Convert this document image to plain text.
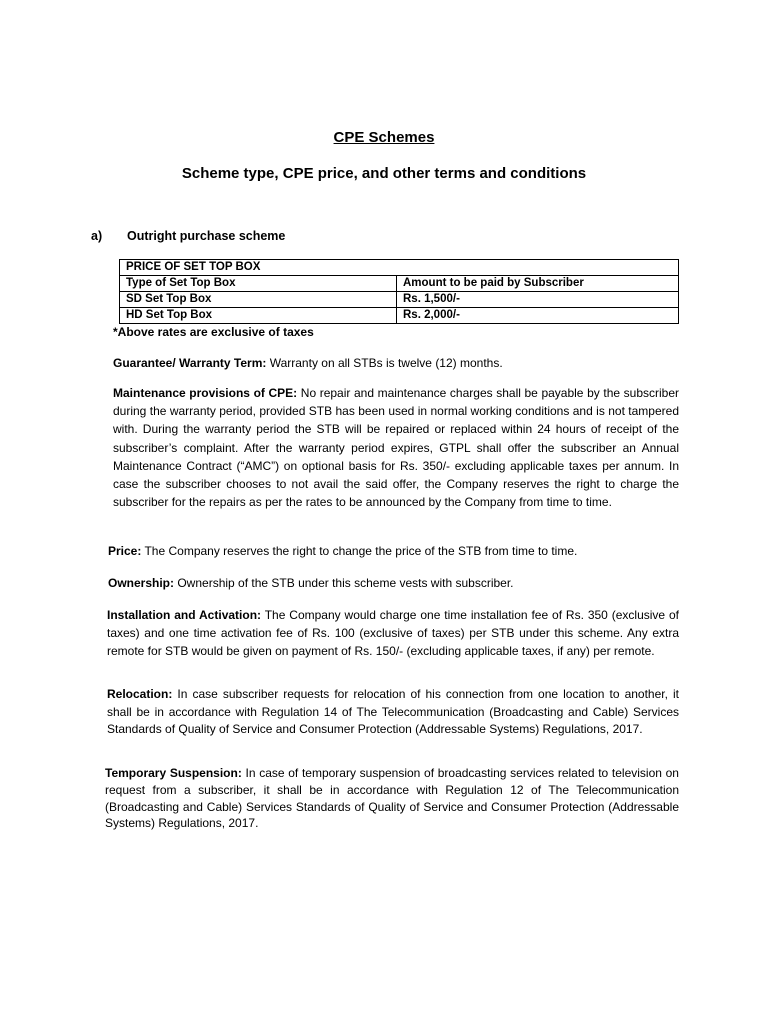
CPE Schemes
Scheme type, CPE price, and other terms and conditions
a) Outright purchase scheme
PRICE OF SET TOP BOX	
Type of Set Top Box	Amount to be paid by Subscriber
SD Set Top Box	Rs. 1,500/-
HD Set Top Box	Rs. 2,000/-
*Above rates are exclusive of taxes
Guarantee/ Warranty Term: Warranty on all STBs is twelve (12) months.
Maintenance provisions of CPE: No repair and maintenance charges shall be payable by the subscriber during the warranty period, provided STB has been used in normal working conditions and is not tampered with. During the warranty period the STB will be repaired or replaced within 24 hours of receipt of the subscriber’s complaint. After the warranty period expires, GTPL shall offer the subscriber an Annual Maintenance Contract (“AMC”) on optional basis for Rs. 350/- excluding applicable taxes per annum. In case the subscriber chooses to not avail the said offer, the Company reserves the right to charge the subscriber for the repairs as per the rates to be announced by the Company from time to time.
Price: The Company reserves the right to change the price of the STB from time to time.
Ownership: Ownership of the STB under this scheme vests with subscriber.
Installation and Activation: The Company would charge one time installation fee of Rs. 350 (exclusive of taxes) and one time activation fee of Rs. 100 (exclusive of taxes) per STB under this scheme. Any extra remote for STB would be given on payment of Rs. 150/- (excluding applicable taxes, if any) per remote.
Relocation: In case subscriber requests for relocation of his connection from one location to another, it shall be in accordance with Regulation 14 of The Telecommunication (Broadcasting and Cable) Services Standards of Quality of Service and Consumer Protection (Addressable Systems) Regulations, 2017.
Temporary Suspension: In case of temporary suspension of broadcasting services related to television on request from a subscriber, it shall be in accordance with Regulation 12 of The Telecommunication (Broadcasting and Cable) Services Standards of Quality of Service and Consumer Protection (Addressable Systems) Regulations, 2017.
